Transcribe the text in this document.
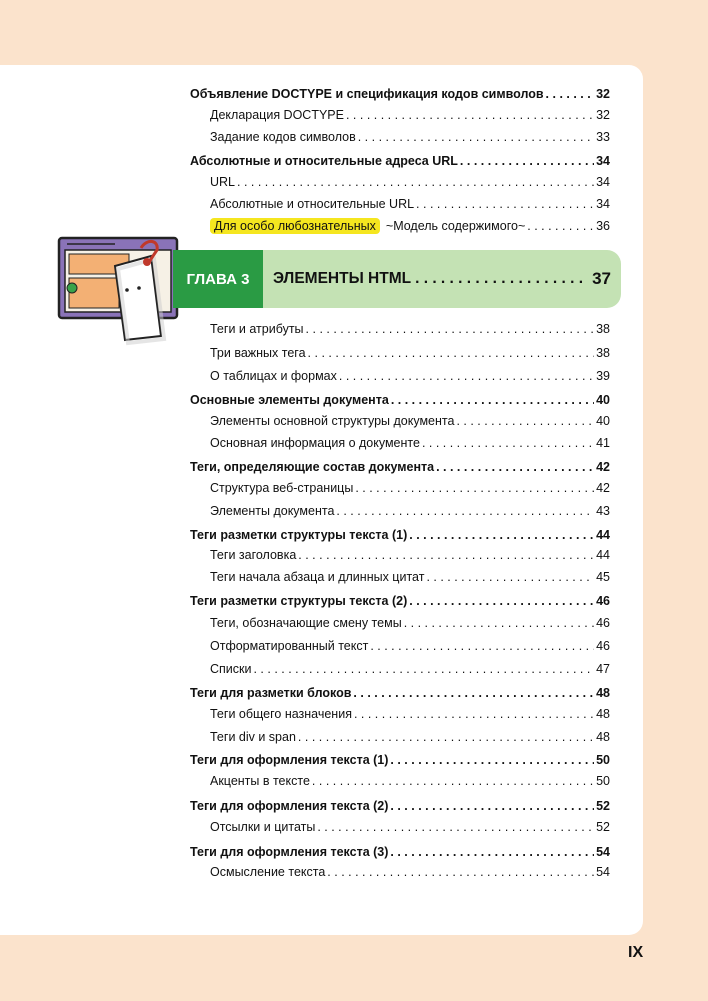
Объявление DOCTYPE и спецификация кодов символов . . .	32
Декларация DOCTYPE . . .	32
Задание кодов символов . . .	33
Абсолютные и относительные адреса URL . . .	34
URL . . .	34
Абсолютные и относительные URL . . .	34
Для особо любознательных ~Модель содержимого~ . . .	36
ГЛАВА 3	ЭЛЕМЕНТЫ HTML . . .	37
Теги и атрибуты . . .	38
Три важных тега . . .	38
О таблицах и формах . . .	39
Основные элементы документа . . .	40
Элементы основной структуры документа . . .	40
Основная информация о документе . . .	41
Теги, определяющие состав документа . . .	42
Структура веб-страницы . . .	42
Элементы документа . . .	43
Теги разметки структуры текста (1) . . .	44
Теги заголовка . . .	44
Теги начала абзаца и длинных цитат . . .	45
Теги разметки структуры текста (2) . . .	46
Теги, обозначающие смену темы . . .	46
Отформатированный текст . . .	46
Списки . . .	47
Теги для разметки блоков . . .	48
Теги общего назначения . . .	48
Теги div и span . . .	48
Теги для оформления текста (1) . . .	50
Акценты в тексте . . .	50
Теги для оформления текста (2) . . .	52
Отсылки и цитаты . . .	52
Теги для оформления текста (3) . . .	54
Осмысление текста . . .	54
IX
